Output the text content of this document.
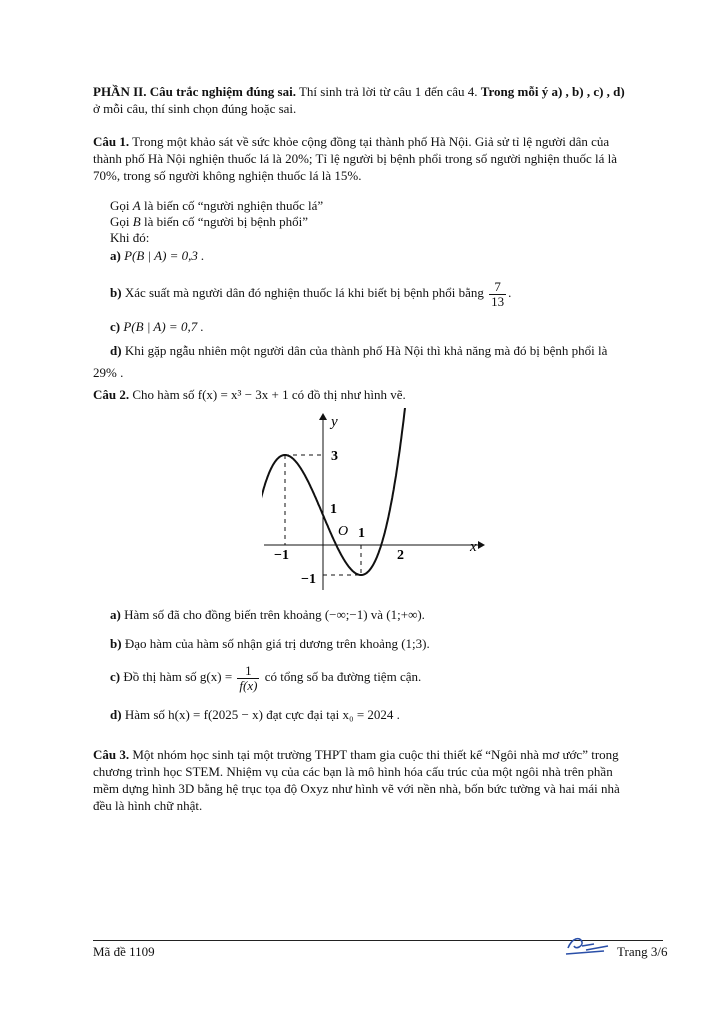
PHẦN II. Câu trắc nghiệm đúng sai. Thí sinh trả lời từ câu 1 đến câu 4. Trong mỗi ý a) , b) , c) , d)
ở mỗi câu, thí sinh chọn đúng hoặc sai.
Câu 1. Trong một khảo sát về sức khỏe cộng đồng tại thành phố Hà Nội. Giả sử tỉ lệ người dân của
thành phố Hà Nội nghiện thuốc lá là 20%; Tỉ lệ người bị bệnh phổi trong số người nghiện thuốc lá là
70%, trong số người không nghiện thuốc lá là 15%.
Gọi A là biến cố “người nghiện thuốc lá”
Gọi B là biến cố “người bị bệnh phổi”
Khi đó:
a) P(B | A) = 0,3 .
b) Xác suất mà người dân đó nghiện thuốc lá khi biết bị bệnh phổi bằng $\frac{7}{13}$ .
c) P(B | A) = 0,7 .
d) Khi gặp ngẫu nhiên một người dân của thành phố Hà Nội thì khả năng mà đó bị bệnh phổi là
29% .
Câu 2. Cho hàm số f(x) = x³ − 3x + 1 có đồ thị như hình vẽ.
y
x
O
3
1
−1
−1
1
2
a) Hàm số đã cho đồng biến trên khoảng (−∞;−1) và (1;+∞).
b) Đạo hàm của hàm số nhận giá trị dương trên khoảng (1;3).
c) Đồ thị hàm số $g(x) = \frac{1}{f(x)}$ có tổng số ba đường tiệm cận.
d) Hàm số h(x) = f(2025 − x) đạt cực đại tại x₀ = 2024 .
Câu 3. Một nhóm học sinh tại một trường THPT tham gia cuộc thi thiết kế “Ngôi nhà mơ ước” trong
chương trình học STEM. Nhiệm vụ của các bạn là mô hình hóa cấu trúc của một ngôi nhà trên phần
mềm dựng hình 3D bằng hệ trục tọa độ Oxyz như hình vẽ với nền nhà, bốn bức tường và hai mái nhà
đều là hình chữ nhật.
Mã đề 1109	Trang 3/6
